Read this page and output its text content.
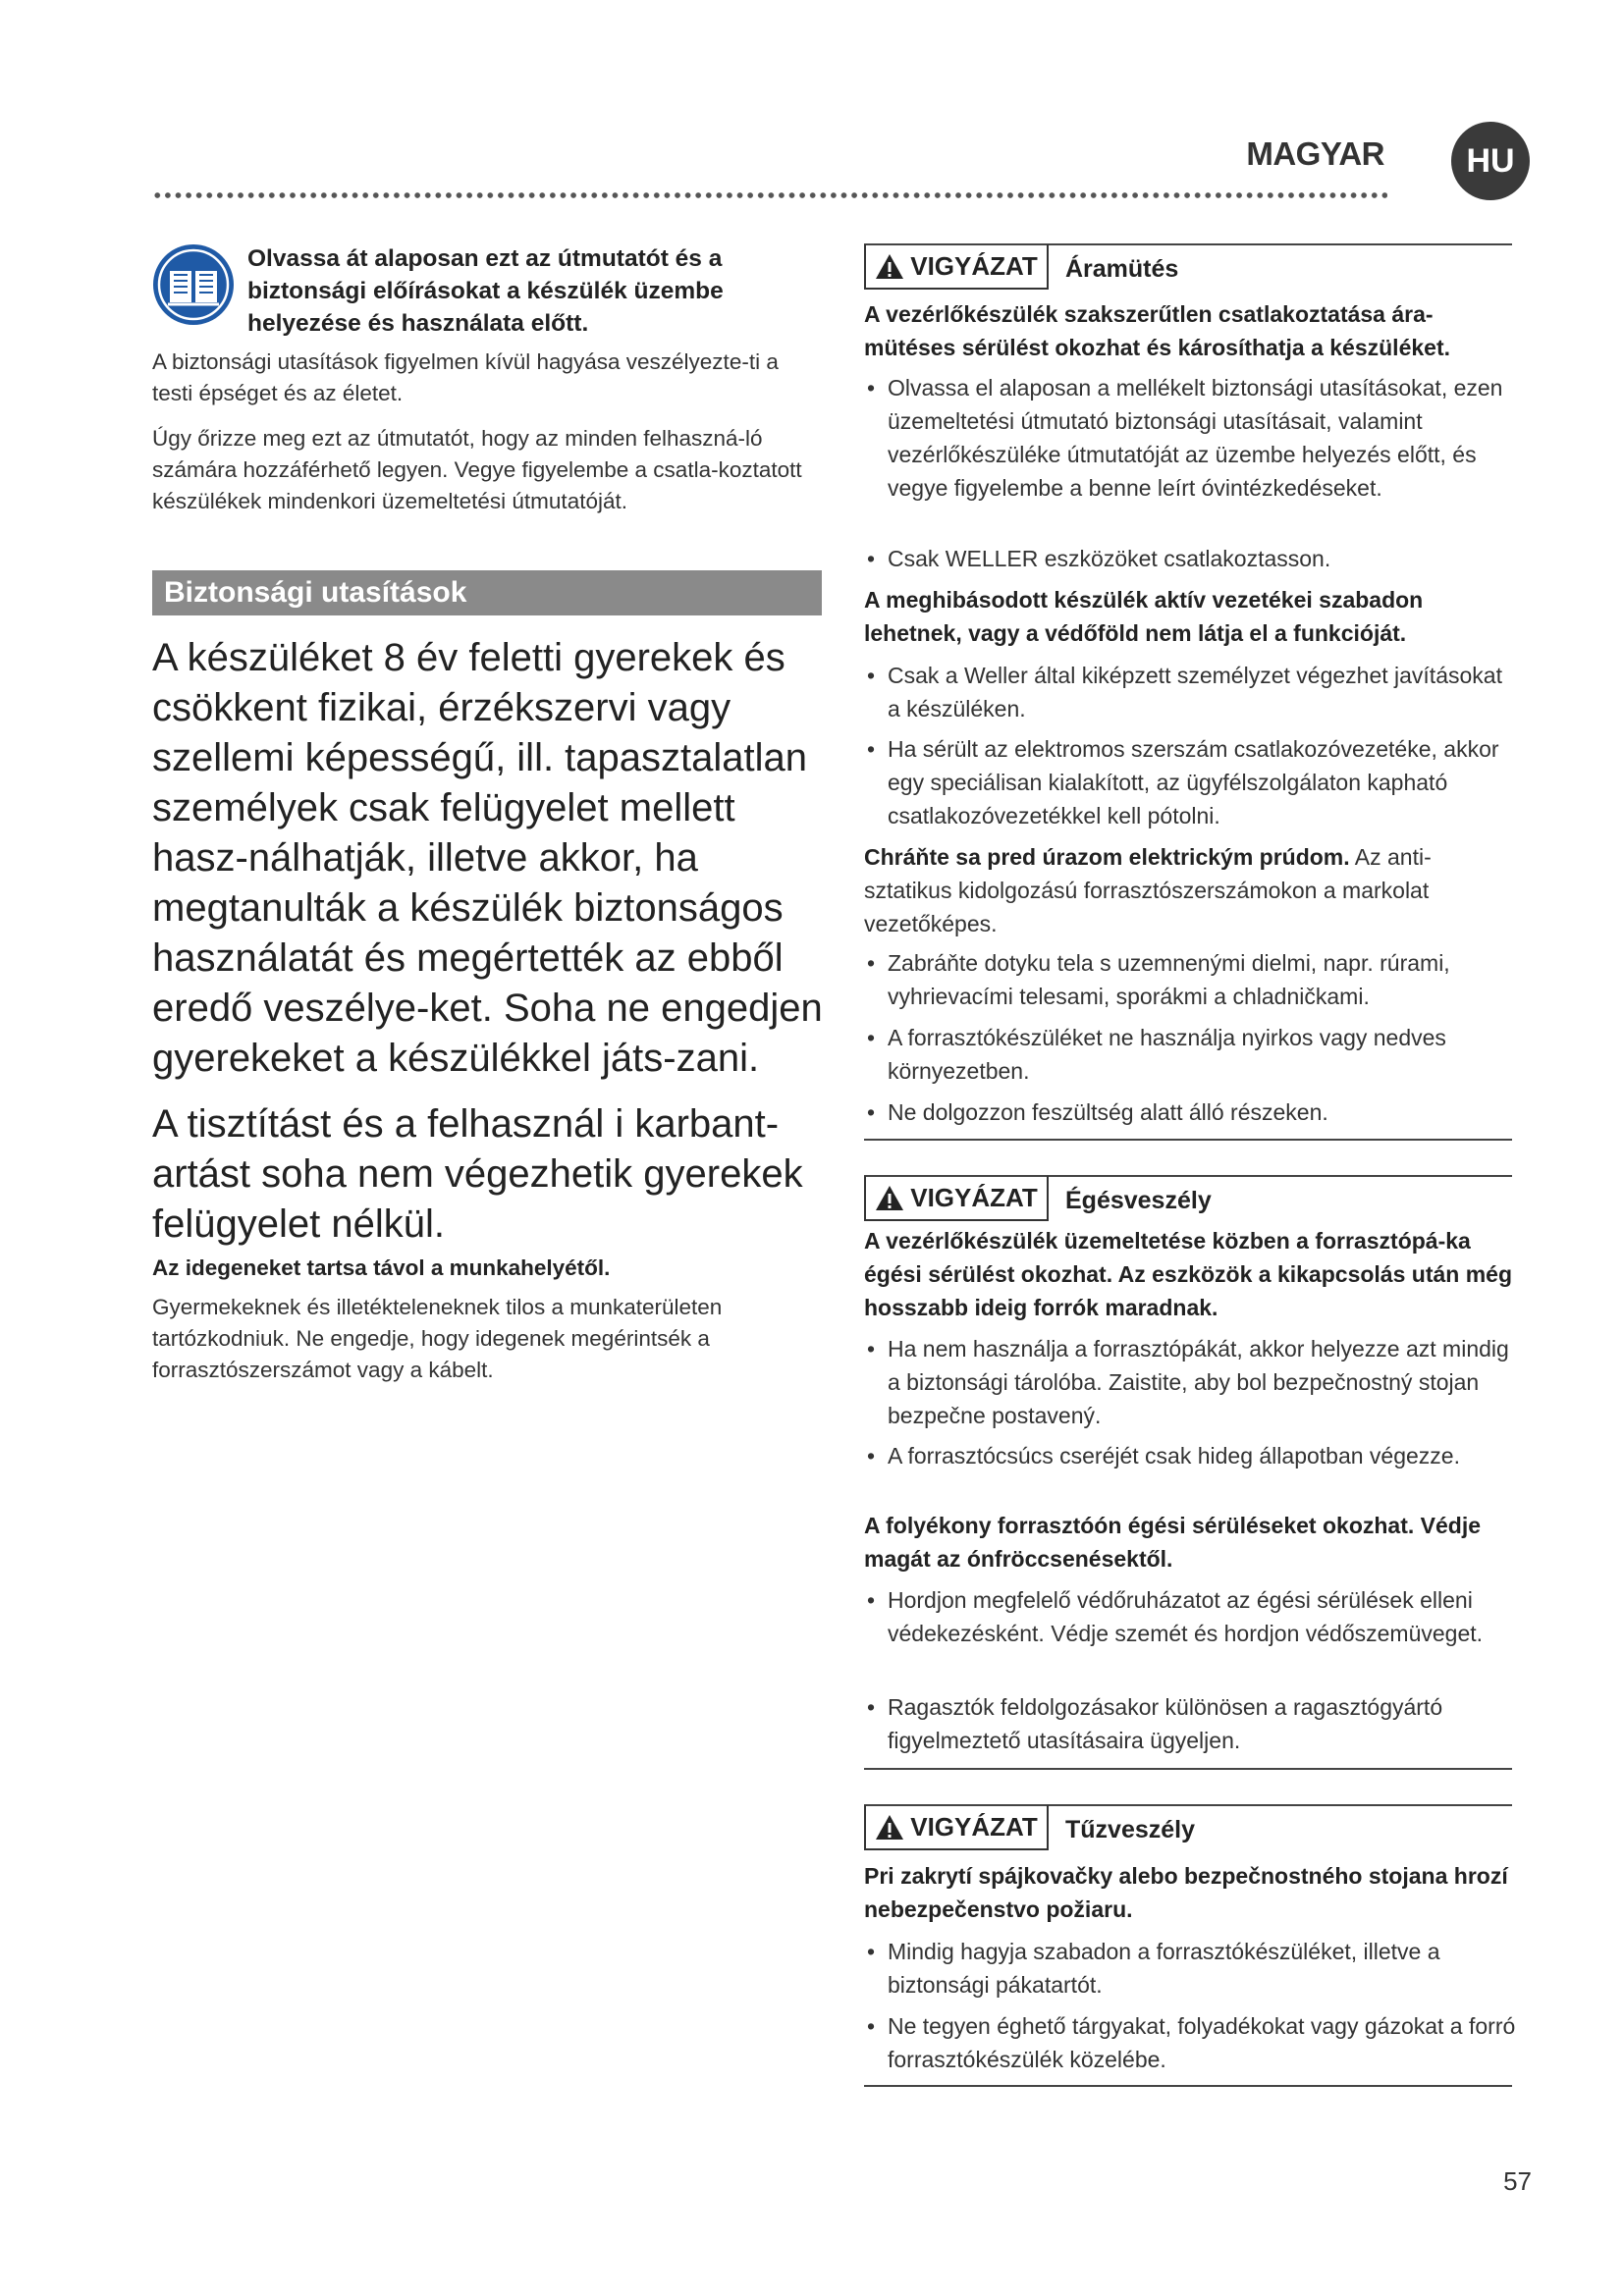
MAGYAR	HU
Olvassa át alaposan ezt az útmutatót és a biztonsági előírásokat a készülék üzembe helyezése és használata előtt.

A biztonsági utasítások figyelmen kívül hagyása veszélyezte-ti a testi épséget és az életet.

Úgy őrizze meg ezt az útmutatót, hogy az minden felhaszná-ló számára hozzáférhető legyen. Vegye figyelembe a csatla-koztatott készülékek mindenkori üzemeltetési útmutatóját.

Biztonsági utasítások

A készüléket 8 év feletti gyerekek és csökkent fizikai, érzékszervi vagy szellemi képességű, ill. tapasztalatlan személyek csak felügyelet mellett hasz-nálhatják, illetve akkor, ha megtanulták a készülék biztonságos használatát és megértették az ebből eredő veszélye-ket. Soha ne engedjen gyerekeket a készülékkel játs-zani.

A tisztítást és a felhasznál i karbant-artást soha nem végezhetik gyerekek felügyelet nélkül.

Az idegeneket tartsa távol a munkahelyétől.

Gyermekeknek és illetékteleneknek tilos a munkaterületen tartózkodniuk. Ne engedje, hogy idegenek megérintsék a forrasztószerszámot vagy a kábelt.

VIGYÁZAT Áramütés

A vezérlőkészülék szakszerűtlen csatlakoztatása ára-mütéses sérülést okozhat és károsíthatja a készüléket.

• Olvassa el alaposan a mellékelt biztonsági utasításokat, ezen üzemeltetési útmutató biztonsági utasításait, valamint vezérlőkészüléke útmutatóját az üzembe helyezés előtt, és vegye figyelembe a benne leírt óvintézkedéseket.

• Csak WELLER eszközöket csatlakoztasson.

A meghibásodott készülék aktív vezetékei szabadon lehetnek, vagy a védőföld nem látja el a funkcióját.

• Csak a Weller által kiképzett személyzet végezhet javításokat a készüléken.

• Ha sérült az elektromos szerszám csatlakozóvezetéke, akkor egy speciálisan kialakított, az ügyfélszolgálaton kapható csatlakozóvezetékkel kell pótolni.

Chráňte sa pred úrazom elektrickým prúdom. Az anti-sztatikus kidolgozású forrasztószerszámokon a markolat vezetőképes.

• Zabráňte dotyku tela s uzemnenými dielmi, napr. rúrami, vyhrievacími telesami, sporákmi a chladničkami.

• A forrasztókészüléket ne használja nyirkos vagy nedves környezetben.

• Ne dolgozzon feszültség alatt álló részeken.

VIGYÁZAT Égésveszély

A vezérlőkészülék üzemeltetése közben a forrasztópá-ka égési sérülést okozhat. Az eszközök a kikapcsolás után még hosszabb ideig forrók maradnak.

• Ha nem használja a forrasztópákát, akkor helyezze azt mindig a biztonsági tárolóba. Zaistite, aby bol bezpečnostný stojan bezpečne postavený.

• A forrasztócsúcs cseréjét csak hideg állapotban végezze.

A folyékony forrasztóón égési sérüléseket okozhat. Védje magát az ónfröccsenésektől.

• Hordjon megfelelő védőruházatot az égési sérülések elleni védekezésként. Védje szemét és hordjon védőszemüveget.

• Ragasztók feldolgozásakor különösen a ragasztógyártó figyelmeztető utasításaira ügyeljen.

VIGYÁZAT Tűzveszély

Pri zakrytí spájkovačky alebo bezpečnostného stojana hrozí nebezpečenstvo požiaru.

• Mindig hagyja szabadon a forrasztókészüléket, illetve a biztonsági pákatartót.

• Ne tegyen éghető tárgyakat, folyadékokat vagy gázokat a forró forrasztókészülék közelébe.

57
